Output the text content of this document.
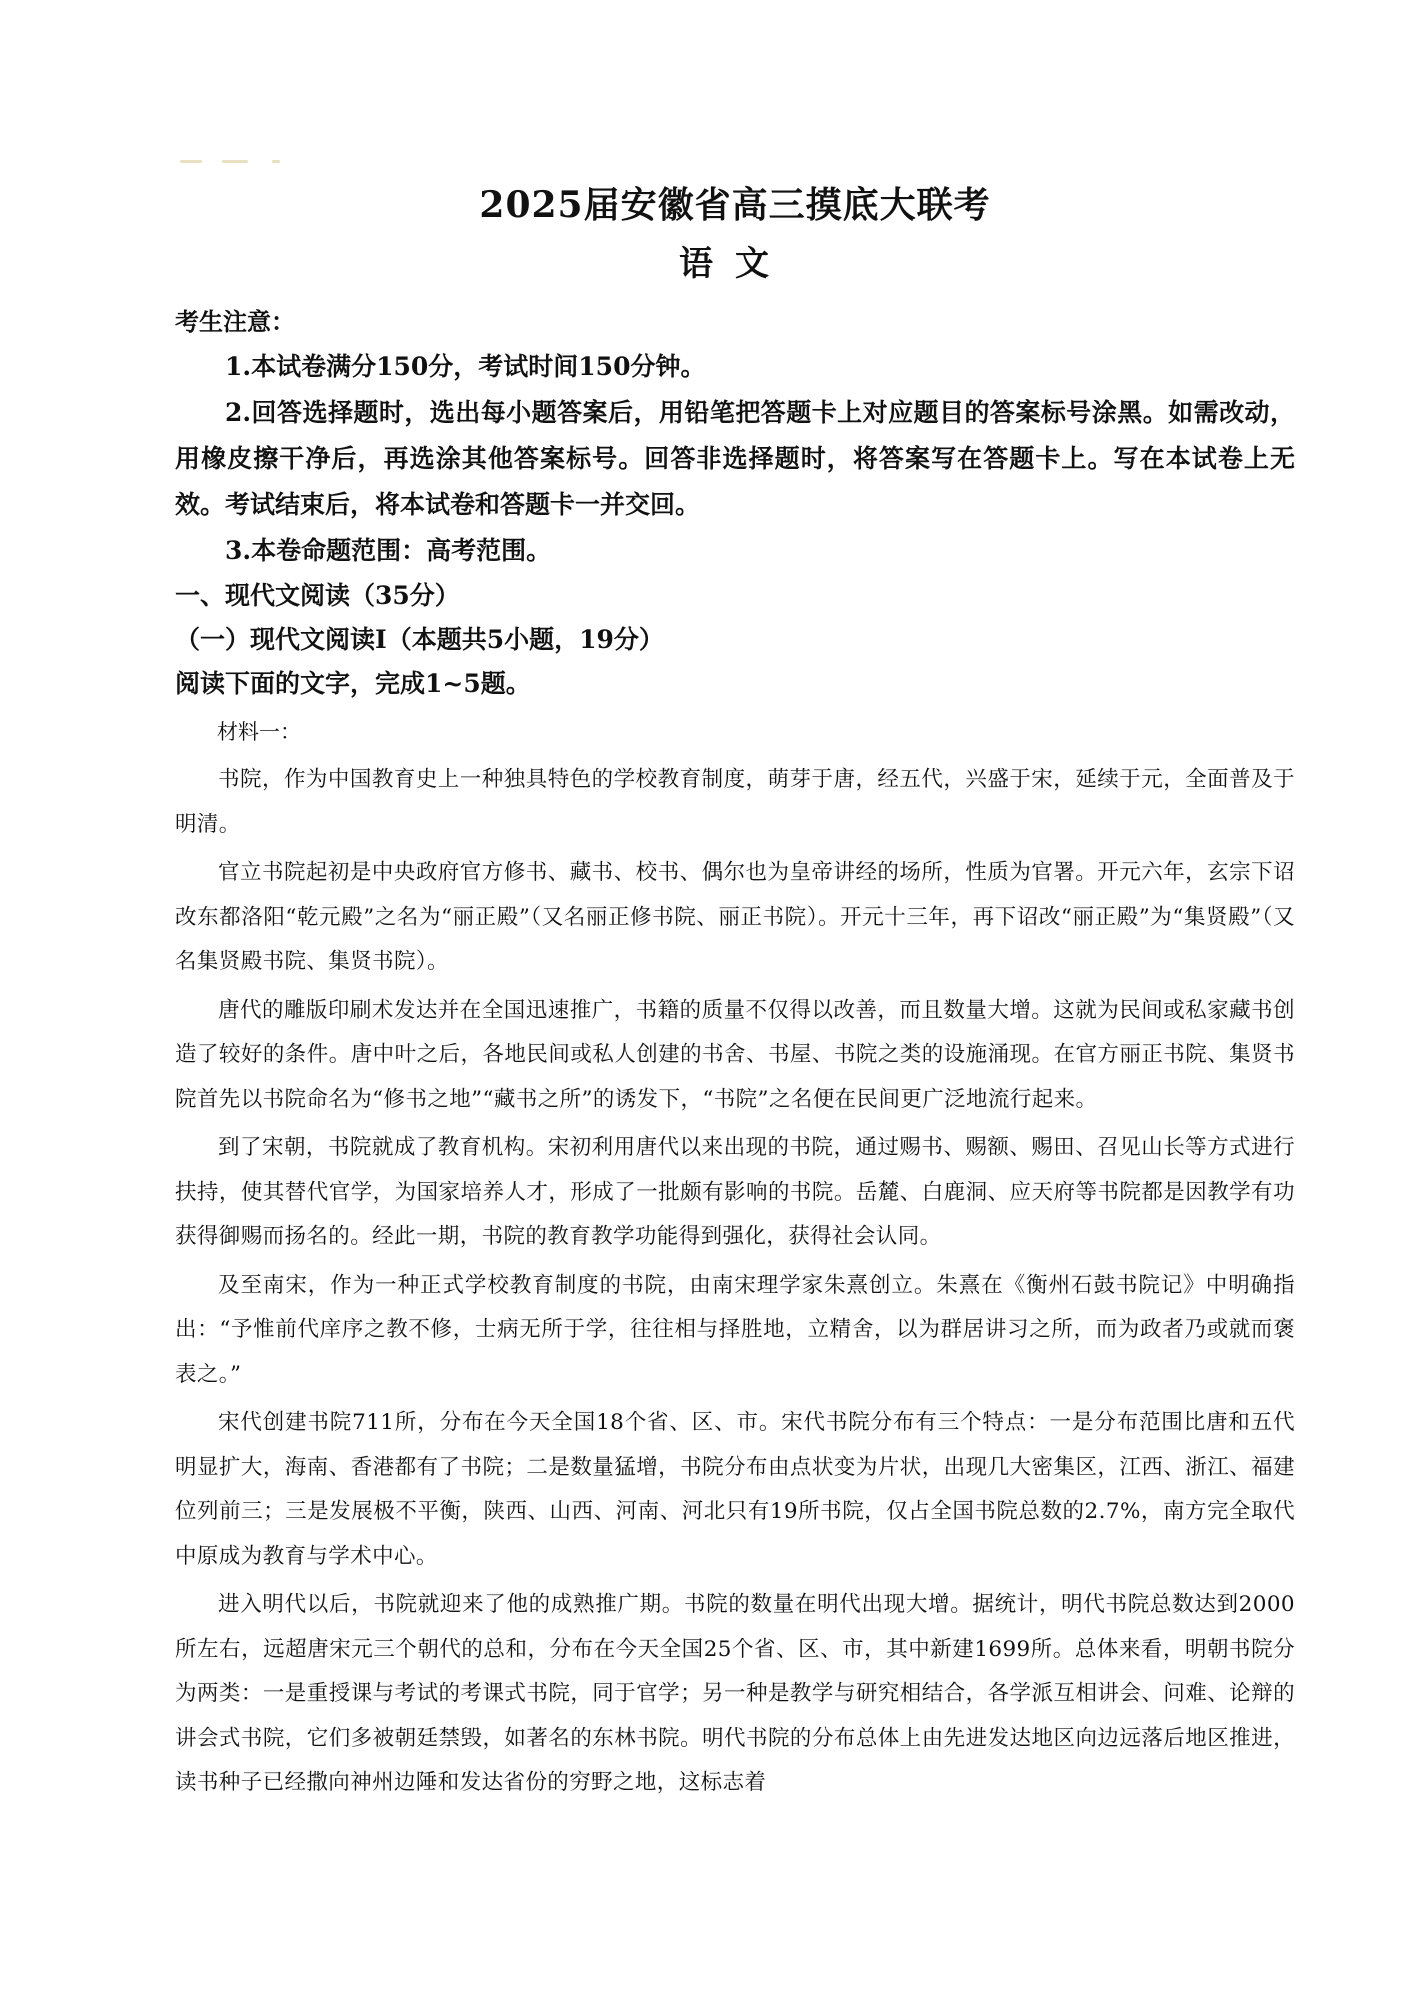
2025届安徽省高三摸底大联考
语文
考生注意：

1.本试卷满分150分，考试时间150分钟。

2.回答选择题时，选出每小题答案后，用铅笔把答题卡上对应题目的答案标号涂黑。如需改动，用橡皮擦干净后，再选涂其他答案标号。回答非选择题时，将答案写在答题卡上。写在本试卷上无效。考试结束后，将本试卷和答题卡一并交回。

3.本卷命题范围：高考范围。

一、现代文阅读（35分）

（一）现代文阅读Ⅰ（本题共5小题，19分）

阅读下面的文字，完成1~5题。

材料一：

书院，作为中国教育史上一种独具特色的学校教育制度，萌芽于唐，经五代，兴盛于宋，延续于元，全面普及于明清。

官立书院起初是中央政府官方修书、藏书、校书、偶尔也为皇帝讲经的场所，性质为官署。开元六年，玄宗下诏改东都洛阳“乾元殿”之名为“丽正殿”（又名丽正修书院、丽正书院）。开元十三年，再下诏改“丽正殿”为“集贤殿”（又名集贤殿书院、集贤书院）。

唐代的雕版印刷术发达并在全国迅速推广，书籍的质量不仅得以改善，而且数量大增。这就为民间或私家藏书创造了较好的条件。唐中叶之后，各地民间或私人创建的书舍、书屋、书院之类的设施涌现。在官方丽正书院、集贤书院首先以书院命名为“修书之地”“藏书之所”的诱发下，“书院”之名便在民间更广泛地流行起来。

到了宋朝，书院就成了教育机构。宋初利用唐代以来出现的书院，通过赐书、赐额、赐田、召见山长等方式进行扶持，使其替代官学，为国家培养人才，形成了一批颇有影响的书院。岳麓、白鹿洞、应天府等书院都是因教学有功获得御赐而扬名的。经此一期，书院的教育教学功能得到强化，获得社会认同。

及至南宋，作为一种正式学校教育制度的书院，由南宋理学家朱熹创立。朱熹在《衡州石鼓书院记》中明确指出：“予惟前代庠序之教不修，士病无所于学，往往相与择胜地，立精舍，以为群居讲习之所，而为政者乃或就而褒表之。”

宋代创建书院711所，分布在今天全国18个省、区、市。宋代书院分布有三个特点：一是分布范围比唐和五代明显扩大，海南、香港都有了书院；二是数量猛增，书院分布由点状变为片状，出现几大密集区，江西、浙江、福建位列前三；三是发展极不平衡，陕西、山西、河南、河北只有19所书院，仅占全国书院总数的2.7%，南方完全取代中原成为教育与学术中心。

进入明代以后，书院就迎来了他的成熟推广期。书院的数量在明代出现大增。据统计，明代书院总数达到2000所左右，远超唐宋元三个朝代的总和，分布在今天全国25个省、区、市，其中新建1699所。总体来看，明朝书院分为两类：一是重授课与考试的考课式书院，同于官学；另一种是教学与研究相结合，各学派互相讲会、问难、论辩的讲会式书院，它们多被朝廷禁毁，如著名的东林书院。明代书院的分布总体上由先进发达地区向边远落后地区推进，读书种子已经撒向神州边陲和发达省份的穷野之地，这标志着
